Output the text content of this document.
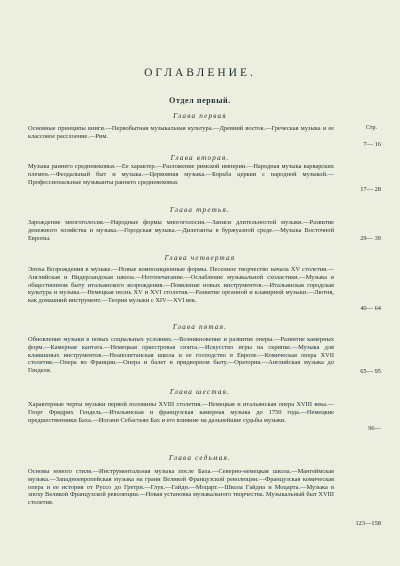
ОГЛАВЛЕНИЕ.
Отдел первый.
Стр.
Глава первая
Основные принципы книги.—Первобытная музыкальная культура.—Древний восток.—Греческая музыка и ее классовое расслоение.—Рим.
7— 16
Глава вторая.
Музыка раннего средневековья.—Ее характер.—Разложение римской империи.—Народная музыка варварских племен.—Феодальный быт и музыка.—Церковная музыка.—Борьба церкви с народной музыкой.—Профессиональные музыканты раннего средневековья.
17— 28
Глава третья.
Зарождение многоголосия.—Народные формы многоголосия.—Записи длительностей музыки.—Развитие денежного хозяйства и музыка.—Городская музыка.—Дилетанты в буржуазной среде.—Музыка Восточной Европы.	29— 39
Глава четвертая
Эпоха Возрождения в музыке.—Новые композиционные формы. Песенное творчество начала XV столетия.—Английская и Нидерландская школа.—Нотопечатание.—Ослабление музыкальной схоластики.—Музыка в общественном быту итальянского возрождения.—Появление новых инструментов.—Итальянская городская культура и музыка.—Немецкая песнь XV и XVI столетия.—Развитие органной и клавирной музыки.—Лютня, как домашний инструмент.—Теория музыки с XIV—XVI век.
40— 64
Глава пятая.
Обновление музыки в новых социальных условиях.—Возникновение и развитие оперы.—Развитие камерных форм.—Камерная кантата.—Немецкая оркестровая сюита.—Искусство игры на скрипке.—Музыка для клавишных инструментов.—Неаполитанская школа и ее господство в Европе.—Комическая опера XVII столетия.—Опера во Франции.—Опера и балет в придворном быту.—Оратория.—Английская музыка до Генделя.	65— 95
Глава шестая.
Характерные черты музыки первой половины XVIII столетия.—Немецкая и итальянская опера XVIII века.—Георг Фридрих Гендель.—Итальянская и французская камерная музыка до 1750 года.—Немецкие предшественники Баха.—Иоганн Себастьян Бах и его влияние на дальнейшие судьбы музыки.
96—
Глава седьмая.
Основы нового стиля.—Инструментальная музыка после Баха.—Северно-немецкая школа.—Мангеймская музыка.—Западноевропейская музыка на грани Великой Французской революции.—Французская комическая опера и ее история от Руссо до Гретри.—Глук.—Гайдн.—Моцарт.—Школа Гайдна и Моцарта.—Музыка в эпоху Великой Французской революции.—Новая установка музыкального творчества. Музыкальный быт XVIII столетия.
123—158
